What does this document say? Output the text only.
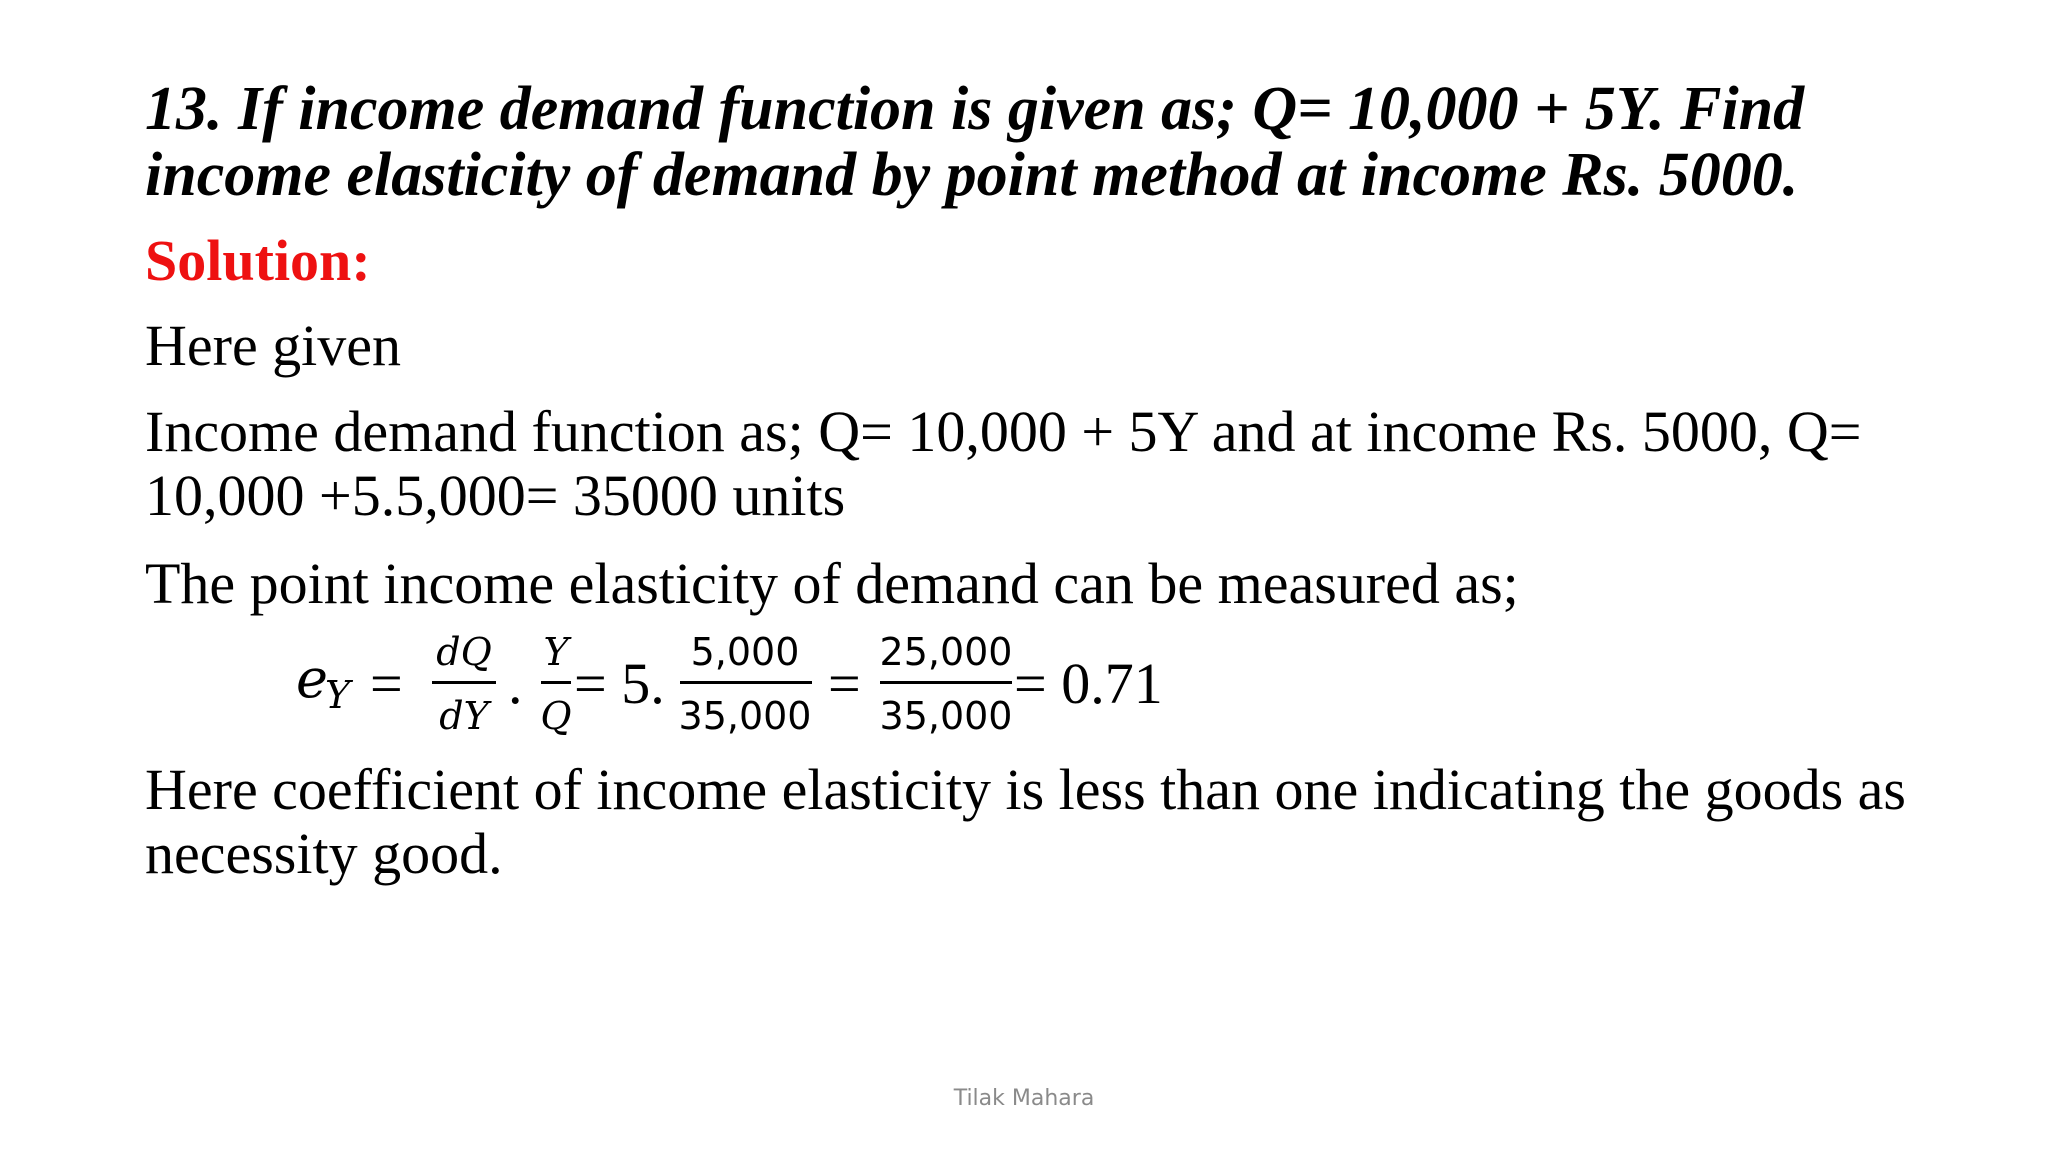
13. If income demand function is given as; Q= 10,000 + 5Y. Find income elasticity of demand by point method at income Rs. 5000.

Solution:

Here given

Income demand function as; Q= 10,000 + 5Y and at income Rs. 5000, Q= 10,000 +5.5,000= 35000 units

The point income elasticity of demand can be measured as;

e
Y = dQ
dY . Y
Q = 5. 5,000
35,000 = 25,000
35,000 = 0.71

Here coefficient of income elasticity is less than one indicating the goods as necessity good.

Tilak Mahara
